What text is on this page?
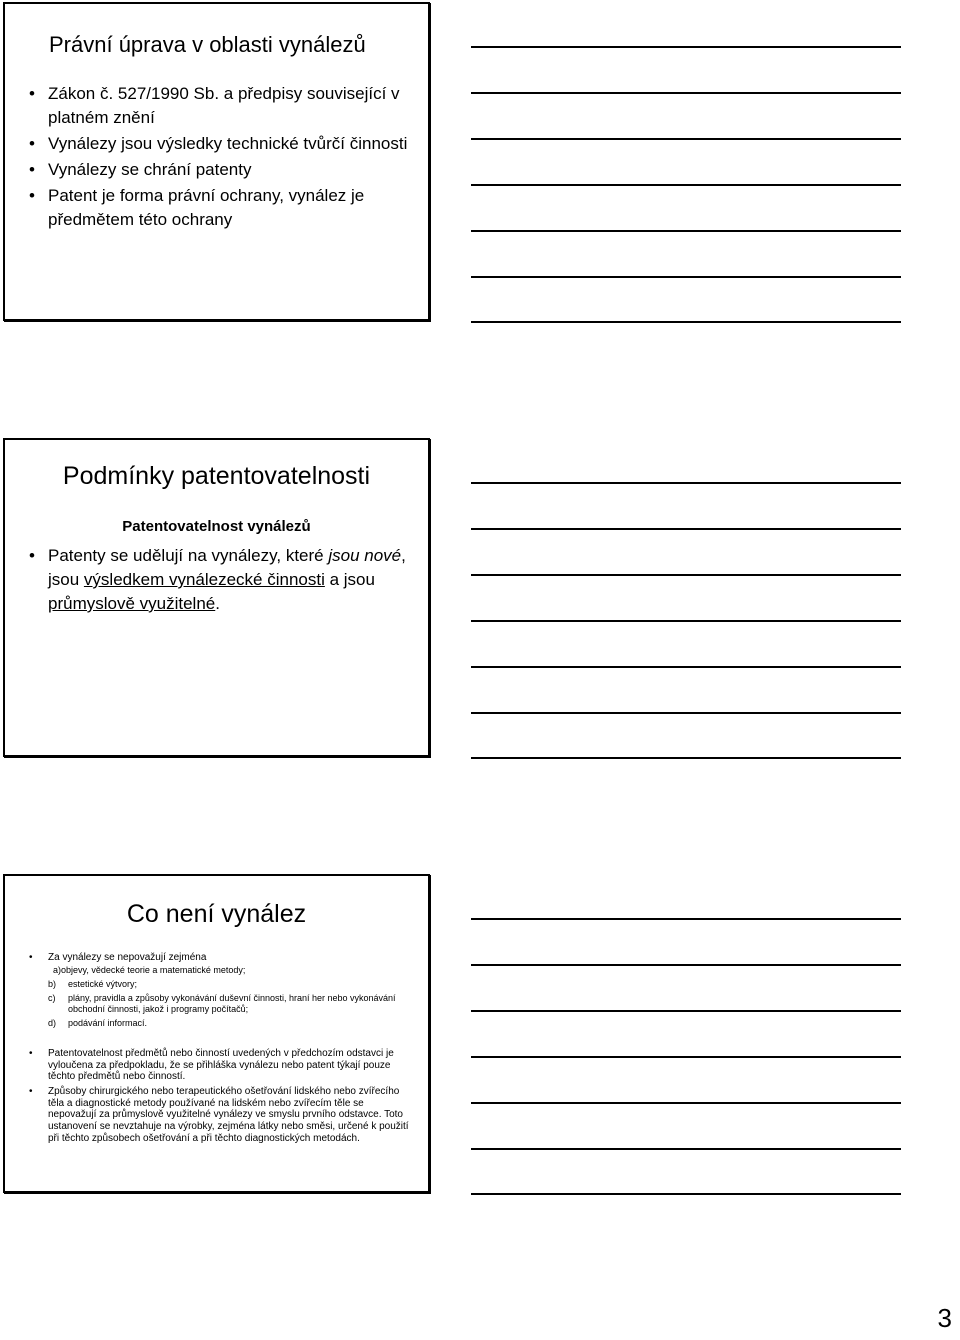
Právní úprava v oblasti vynálezů
• Zákon č. 527/1990 Sb. a předpisy související v platném znění
• Vynálezy jsou výsledky technické tvůrčí činnosti
• Vynálezy se chrání patenty
• Patent je forma právní ochrany, vynález je předmětem této ochrany
Podmínky patentovatelnosti
Patentovatelnost vynálezů
• Patenty se udělují na vynálezy, které jsou nové, jsou výsledkem vynálezecké činnosti a jsou průmyslově využitelné.
Co není vynález
•	Za vynálezy se nepovažují zejména
a)objevy, vědecké teorie a matematické metody;
b)	estetické výtvory;
c)	plány, pravidla a způsoby vykonávání duševní činnosti, hraní her nebo vykonávání obchodní činnosti, jakož i programy počítačů;
d)	podávání informací.
•	Patentovatelnost předmětů nebo činností uvedených v předchozím odstavci je vyloučena za předpokladu, že se přihláška vynálezu nebo patent týkají pouze těchto předmětů nebo činností.
•	Způsoby chirurgického nebo terapeutického ošetřování lidského nebo zvířecího těla a diagnostické metody používané na lidském nebo zvířecím těle se nepovažují za průmyslově využitelné vynálezy ve smyslu prvního odstavce. Toto ustanovení se nevztahuje na výrobky, zejména látky nebo směsi, určené k použití při těchto způsobech ošetřování a při těchto diagnostických metodách.
3
